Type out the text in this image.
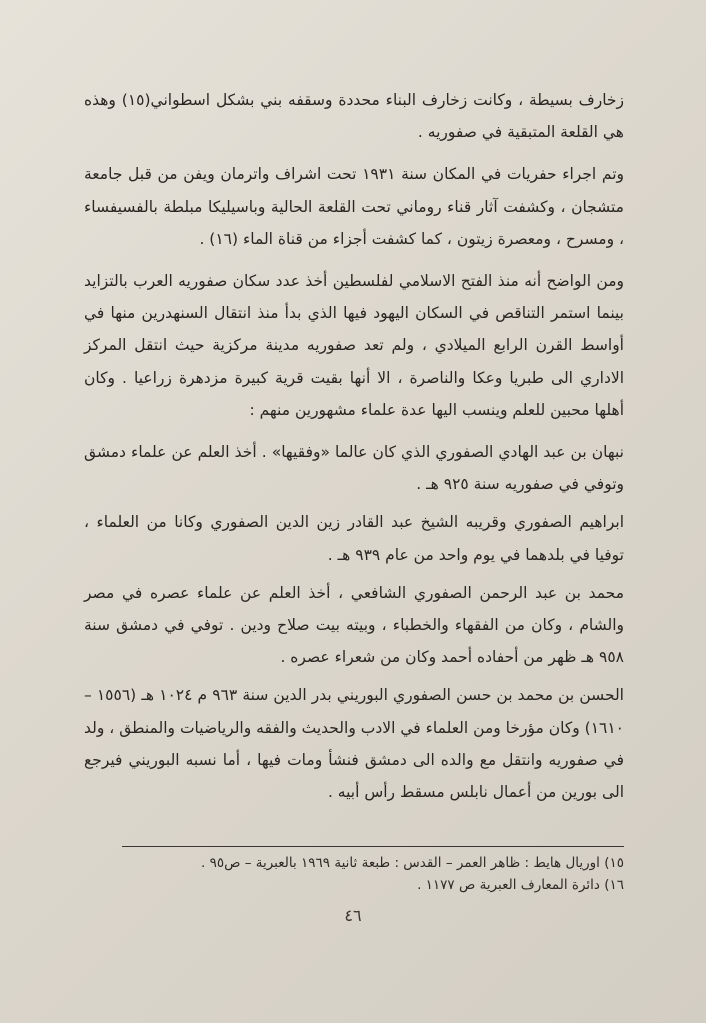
زخارف بسيطة ، وكانت زخارف البناء محددة وسقفه بني بشكل اسطواني(١٥) وهذه هي القلعة المتبقية في صفوريه .

وتم اجراء حفريات في المكان سنة ١٩٣١ تحت اشراف واترمان ويفن من قبل جامعة متشجان ، وكشفت آثار قناء روماني تحت القلعة الحالية وباسيليكا مبلطة بالفسيفساء ، ومسرح ، ومعصرة زيتون ، كما كشفت أجزاء من قناة الماء (١٦) .

ومن الواضح أنه منذ الفتح الاسلامي لفلسطين أخذ عدد سكان صفوريه العرب بالتزايد بينما استمر التناقص في السكان اليهود فيها الذي بدأ منذ انتقال السنهدرين منها في أواسط القرن الرابع الميلادي ، ولم تعد صفوريه مدينة مركزية حيث انتقل المركز الاداري الى طبريا وعكا والناصرة ، الا أنها بقيت قرية كبيرة مزدهرة زراعيا . وكان أهلها محبين للعلم وينسب اليها عدة علماء مشهورين منهم :

نبهان بن عبد الهادي الصفوري الذي كان عالما «وفقيها» . أخذ العلم عن علماء دمشق وتوفي في صفوريه سنة ٩٢٥ هـ .

ابراهيم الصفوري وقريبه الشيخ عبد القادر زين الدين الصفوري وكانا من العلماء ، توفيا في بلدهما في يوم واحد من عام ٩٣٩ هـ .

محمد بن عبد الرحمن الصفوري الشافعي ، أخذ العلم عن علماء عصره في مصر والشام ، وكان من الفقهاء والخطباء ، وبيته بيت صلاح ودين . توفي في دمشق سنة ٩٥٨ هـ ظهر من أحفاده أحمد وكان من شعراء عصره .

الحسن بن محمد بن حسن الصفوري البوريني بدر الدين سنة ٩٦٣ م ١٠٢٤ هـ (١٥٥٦ – ١٦١٠) وكان مؤرخا ومن العلماء في الادب والحديث والفقه والرياضيات والمنطق ، ولد في صفوريه وانتقل مع والده الى دمشق فنشأ ومات فيها ، أما نسبه البوريني فيرجع الى بورين من أعمال نابلس مسقط رأس أبيه .

١٥) اوريال هايط : ظاهر العمر – القدس : طبعة ثانية ١٩٦٩ بالعبرية – ص٩٥ .

١٦) دائرة المعارف العبرية ص ١١٧٧ .

٤٦
